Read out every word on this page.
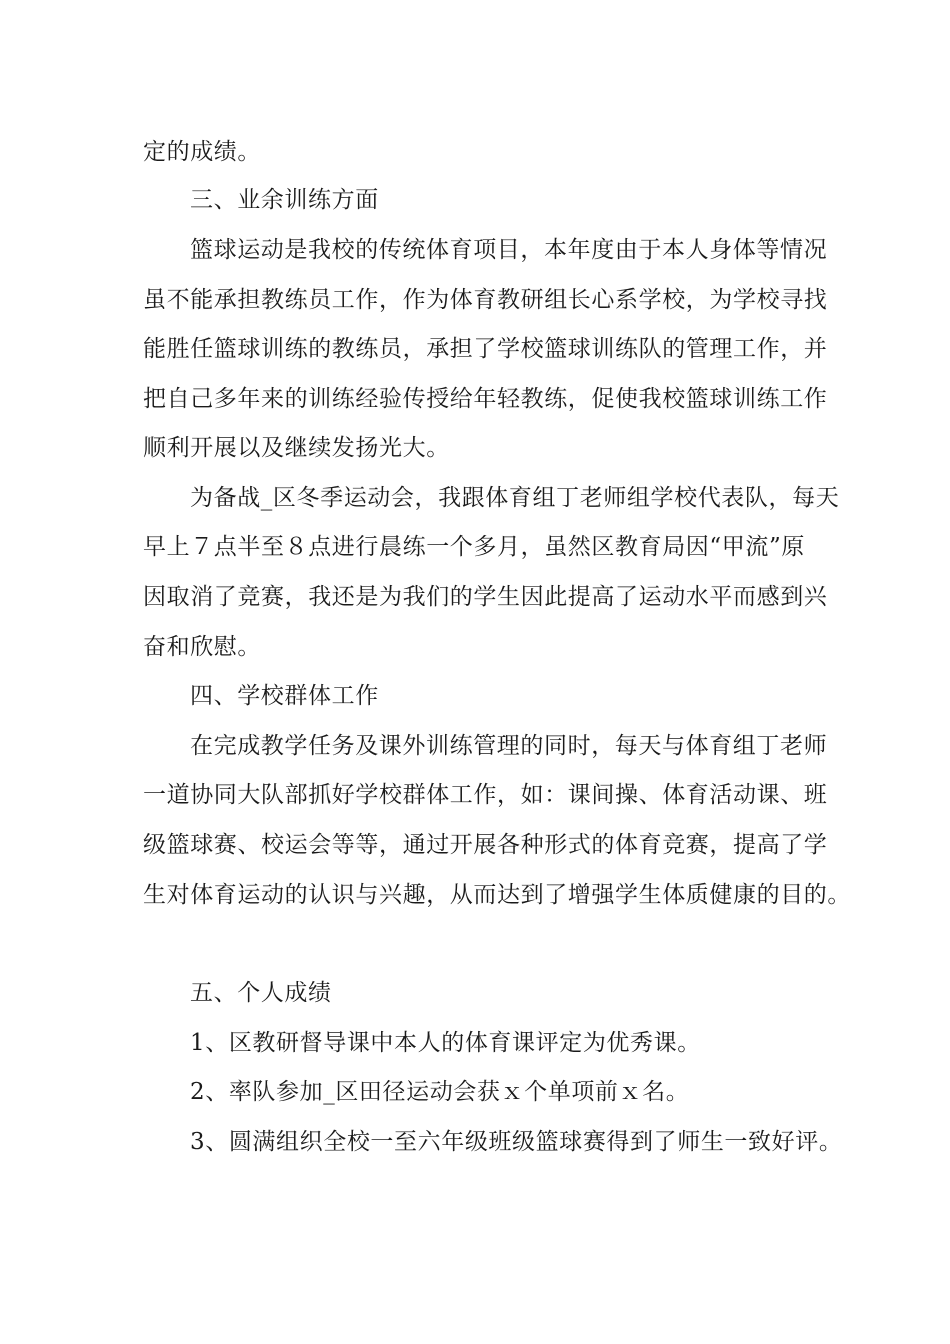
定的成绩。
三、业余训练方面
篮球运动是我校的传统体育项目，本年度由于本人身体等情况
虽不能承担教练员工作，作为体育教研组长心系学校，为学校寻找
能胜任篮球训练的教练员，承担了学校篮球训练队的管理工作，并
把自己多年来的训练经验传授给年轻教练，促使我校篮球训练工作
顺利开展以及继续发扬光大。
为备战_区冬季运动会，我跟体育组丁老师组学校代表队，每天
早上７点半至８点进行晨练一个多月，虽然区教育局因“甲流”原
因取消了竞赛，我还是为我们的学生因此提高了运动水平而感到兴
奋和欣慰。
四、学校群体工作
在完成教学任务及课外训练管理的同时，每天与体育组丁老师
一道协同大队部抓好学校群体工作，如：课间操、体育活动课、班
级篮球赛、校运会等等，通过开展各种形式的体育竞赛，提高了学
生对体育运动的认识与兴趣，从而达到了增强学生体质健康的目的。
五、个人成绩
1、区教研督导课中本人的体育课评定为优秀课。
2、率队参加_区田径运动会获ｘ个单项前ｘ名。
3、圆满组织全校一至六年级班级篮球赛得到了师生一致好评。
